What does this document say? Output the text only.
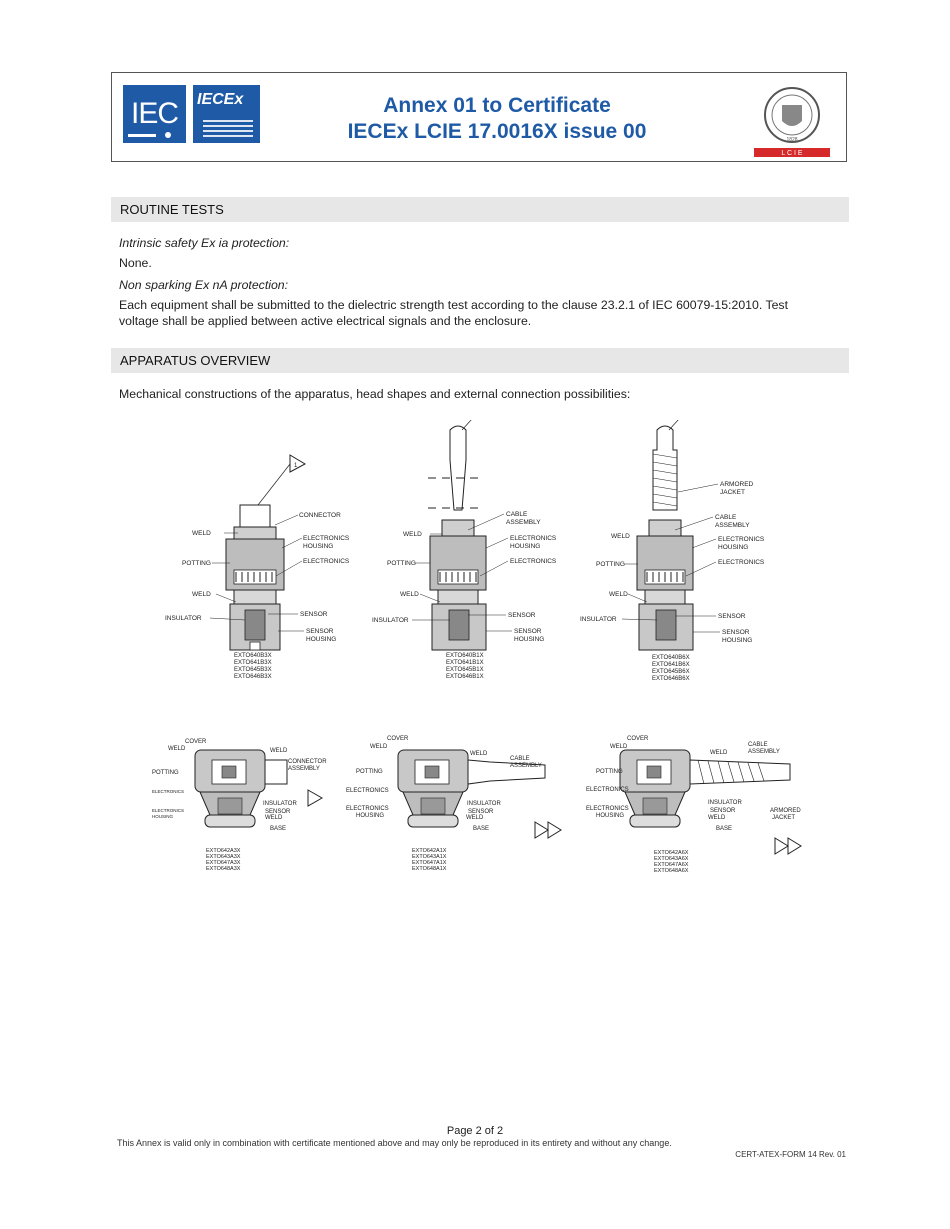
IEC	IECEx	Annex 01 to Certificate
IECEx LCIE 17.0016X issue 00	1828
L C I E
ROUTINE TESTS
Intrinsic safety Ex ia protection:
None.
Non sparking Ex nA protection:
Each equipment shall be submitted to the dielectric strength test according to the clause 23.2.1 of IEC 60079-15:2010. Test
voltage shall be applied between active electrical signals and the enclosure.
APPARATUS OVERVIEW
Mechanical constructions of the apparatus, head shapes and external connection possibilities:
1
CONNECTOR
WELD
ELECTRONICS
HOUSING
POTTING	ELECTRONICS
WELD
INSULATOR
SENSOR
SENSOR
HOUSING
EXTO640B3X
EXTO641B3X
EXTO645B3X
EXTO646B3X
CABLE
ASSEMBLY
WELD
ELECTRONICS
HOUSING
POTTING	ELECTRONICS
WELD
INSULATOR
SENSOR
SENSOR
HOUSING
EXTO640B1X
EXTO641B1X
EXTO645B1X
EXTO646B1X
ARMORED
JACKET
CABLE
ASSEMBLY
WELD	ELECTRONICS
HOUSING
POTTING	ELECTRONICS
WELD
INSULATOR	SENSOR
SENSOR
HOUSING
EXTO640B6X
EXTO641B6X
EXTO645B6X
EXTO646B6X
COVER
WELD	WELD
CONNECTOR
ASSEMBLY
POTTING
ELECTRONICS
ELECTRONICS
HOUSING
INSULATOR
SENSOR
WELD
BASE
EXTO642A3X
EXTO643A3X
EXTO647A3X
EXTO648A3X
COVER
WELD
WELD
CABLE
ASSEMBLY
POTTING
ELECTRONICS
ELECTRONICS
HOUSING
INSULATOR
SENSOR
WELD
BASE
EXTO642A1X
EXTO643A1X
EXTO647A1X
EXTO648A1X
COVER
WELD
WELD
CABLE
ASSEMBLY
POTTING
ELECTRONICS
ELECTRONICS
HOUSING
INSULATOR
SENSOR
WELD
BASE
ARMORED
JACKET
EXTO642A6X
EXTO643A6X
EXTO647A6X
EXTO648A6X
Page 2 of 2
This Annex is valid only in combination with certificate mentioned above and may only be reproduced in its entirety and without any change.
CERT-ATEX-FORM 14 Rev. 01
